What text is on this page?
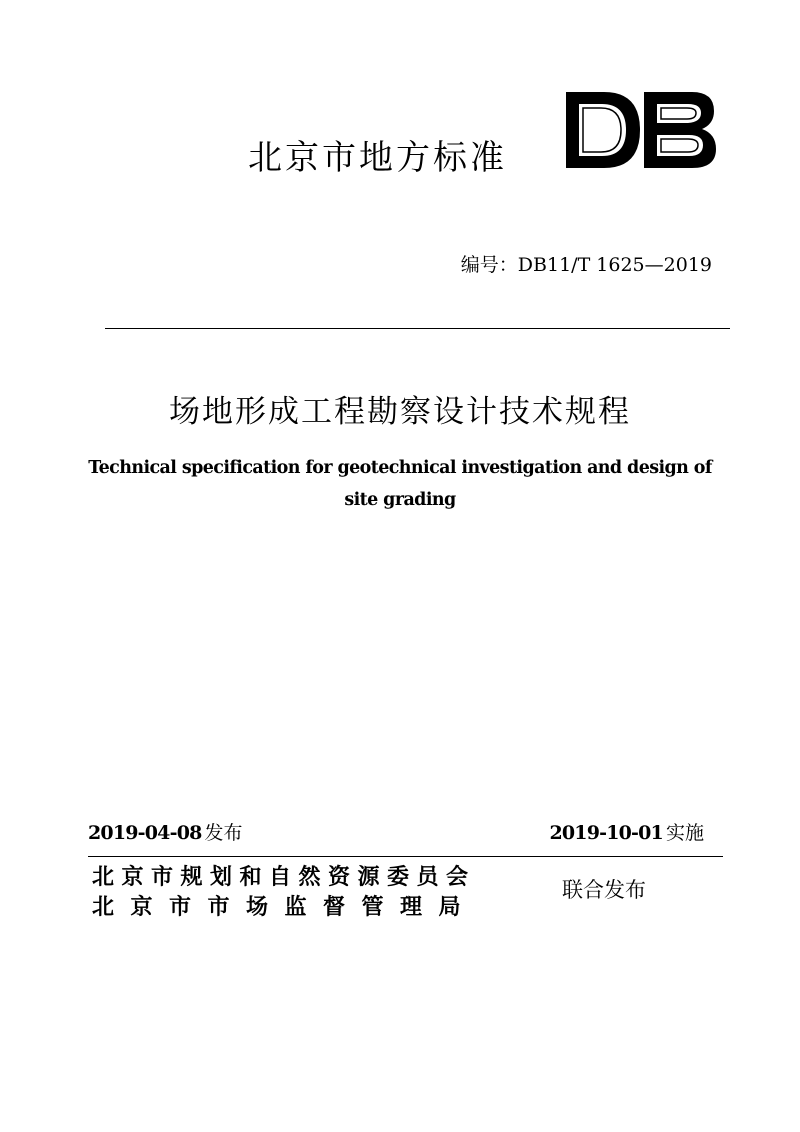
北京市地方标准
编号：DB11/T 1625—2019
场地形成工程勘察设计技术规程
Technical specification for geotechnical investigation and design of
site grading
2019-04-08 发布	2019-10-01 实施
北京市规划和自然资源委员会
北京市市场监督管理局
联合发布
